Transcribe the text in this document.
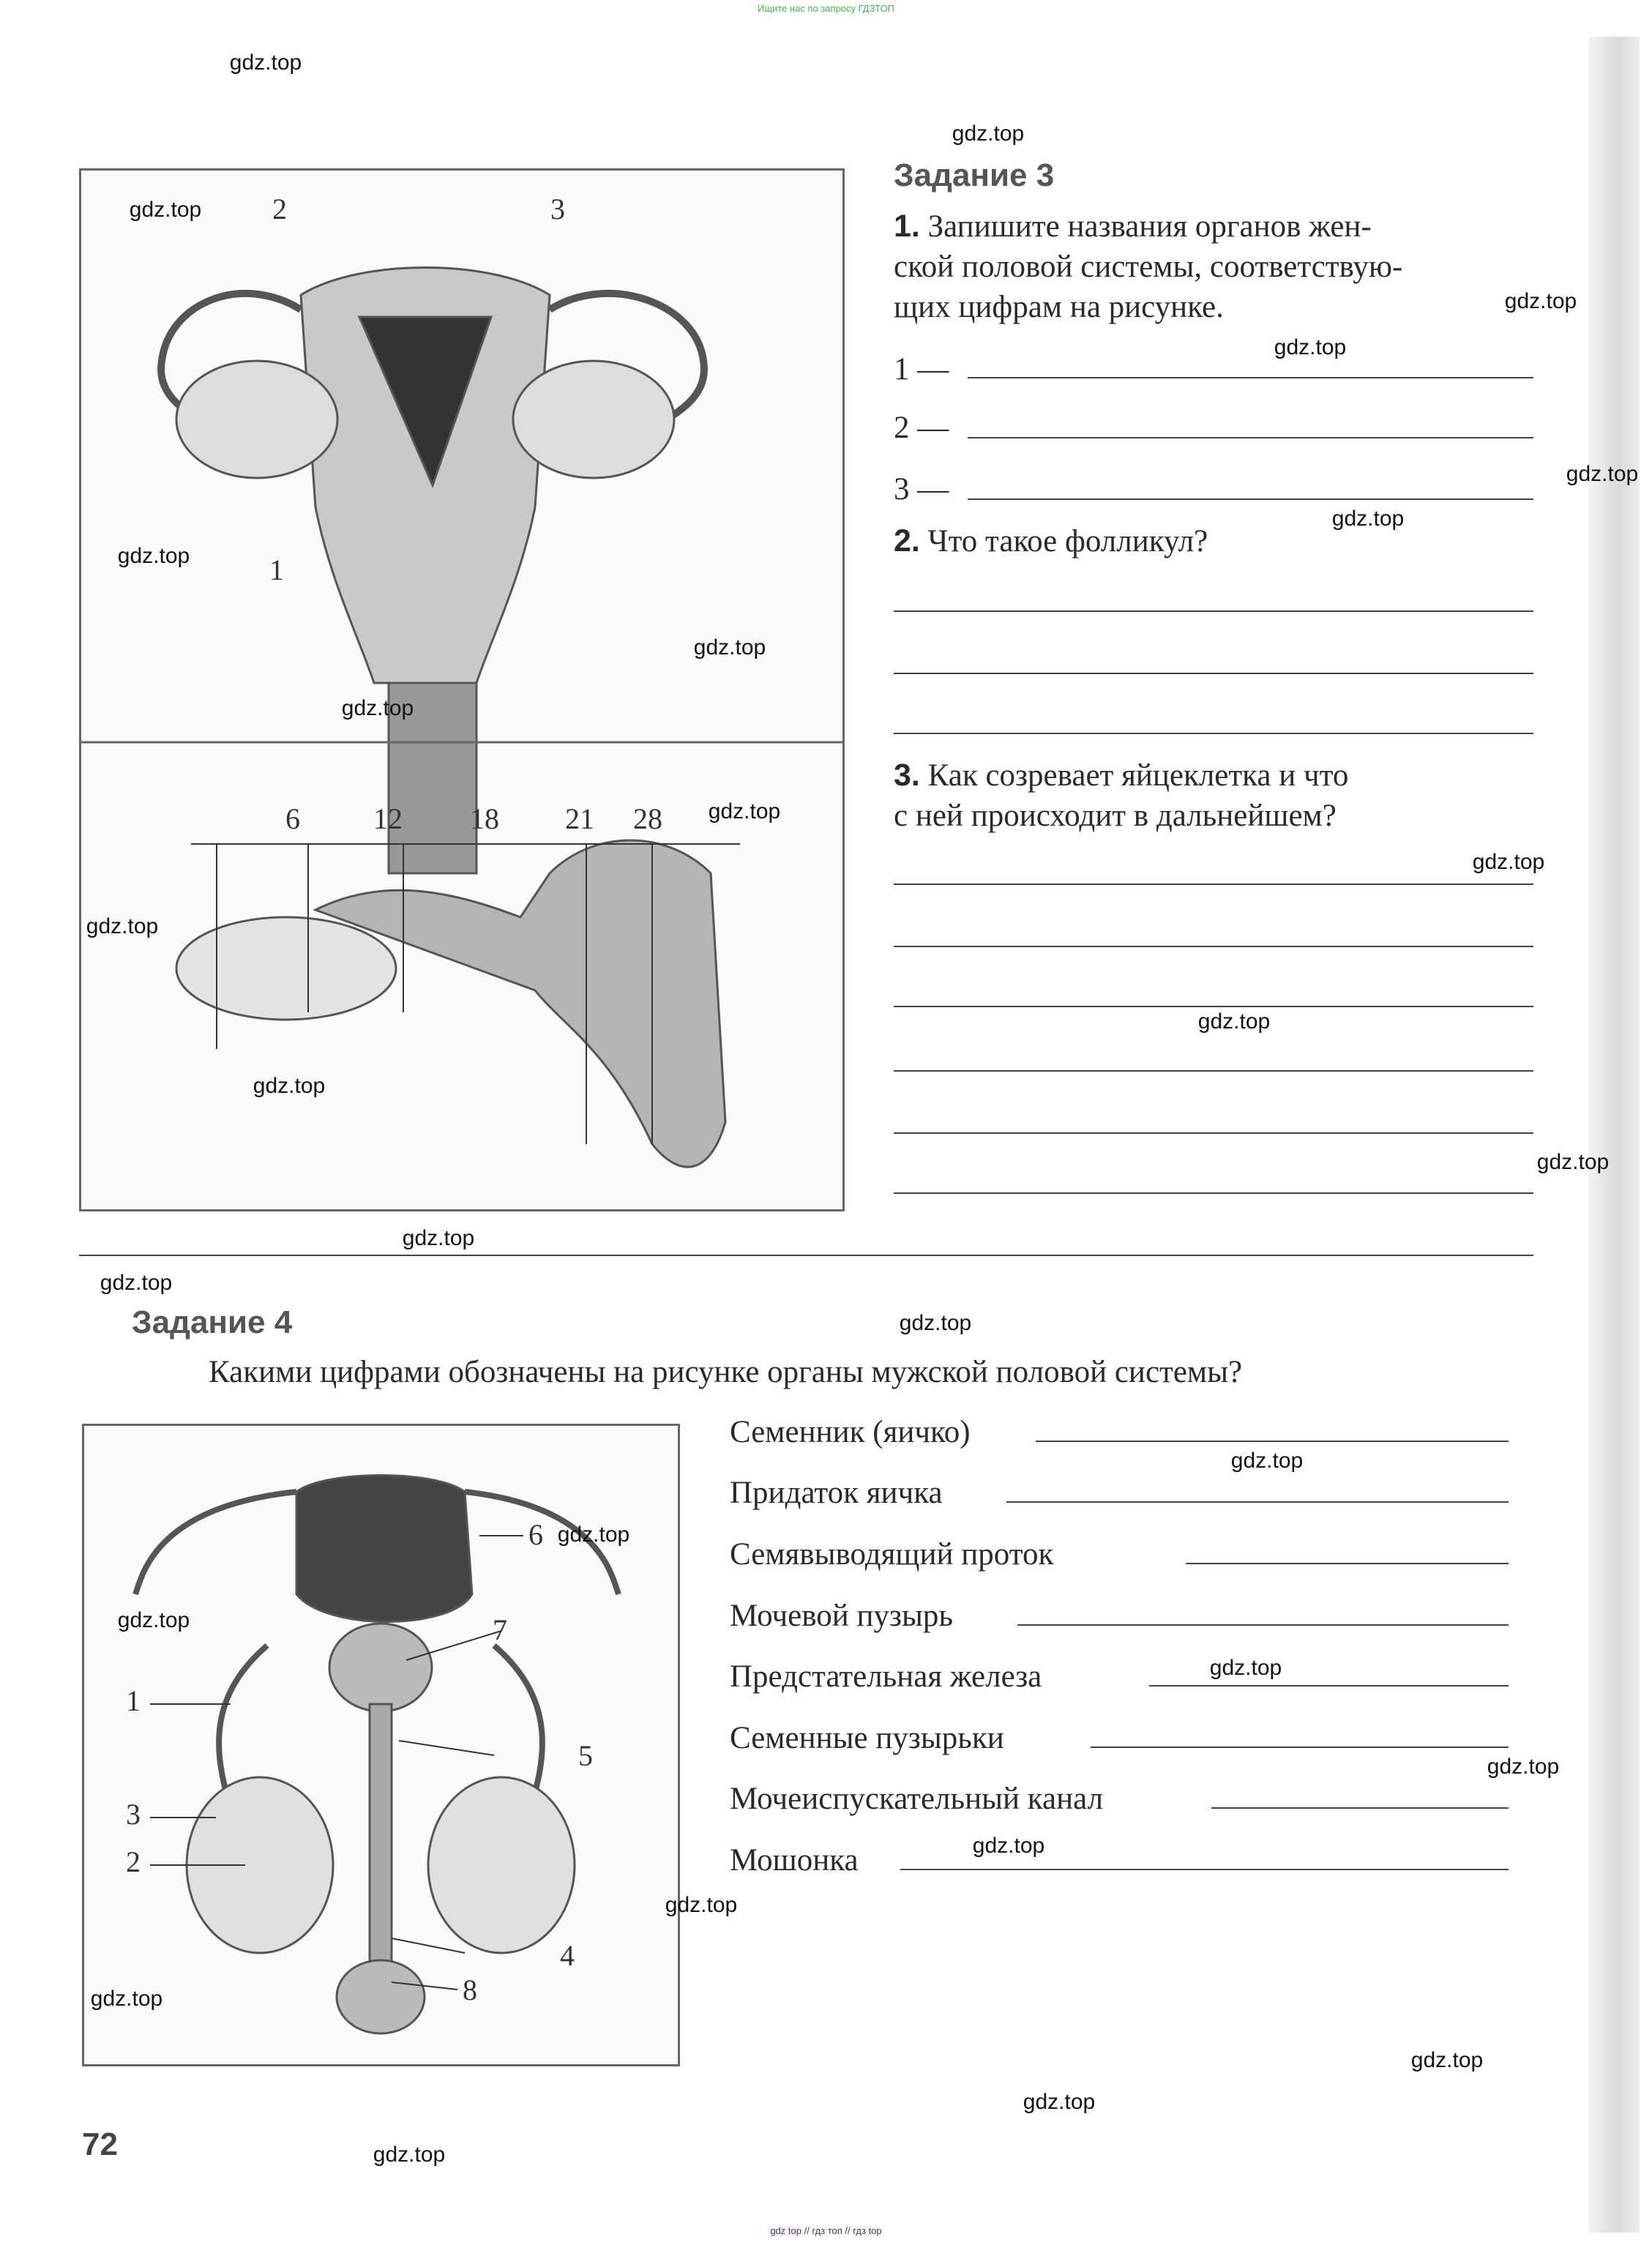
Ищите нас по запросу ГДЗТОП
2	3
1
6	12 18 21 28
Задание 3
1. Запишите названия органов жен-
ской половой системы, соответствую-
щих цифрам на рисунке.
1 —
2 —
3 —
2. Что такое фолликул?
3. Как созревает яйцеклетка и что
с ней происходит в дальнейшем?
Задание 4
Какими цифрами обозначены на рисунке органы мужской половой системы?
6
7
1
5
3
2
4
8
Семенник (яичко)
Придаток яичка
Семявыводящий проток
Мочевой пузырь
Предстательная железа
Семенные пузырьки
Мочеиспускательный канал
Мошонка
72
gdz.top
gdz.top
gdz.top
gdz.top
gdz.top
gdz.top
gdz.top
gdz.top
gdz.top
gdz.top
gdz.top
gdz.top
gdz.top
gdz.top
gdz.top
gdz.top
gdz.top
gdz.top
gdz.top
gdz.top
gdz.top
gdz.top
gdz.top
gdz.top
gdz.top
gdz.top
gdz.top
gdz.top
gdz.top
gdz.top
gdz top // гдз топ // гдз top
